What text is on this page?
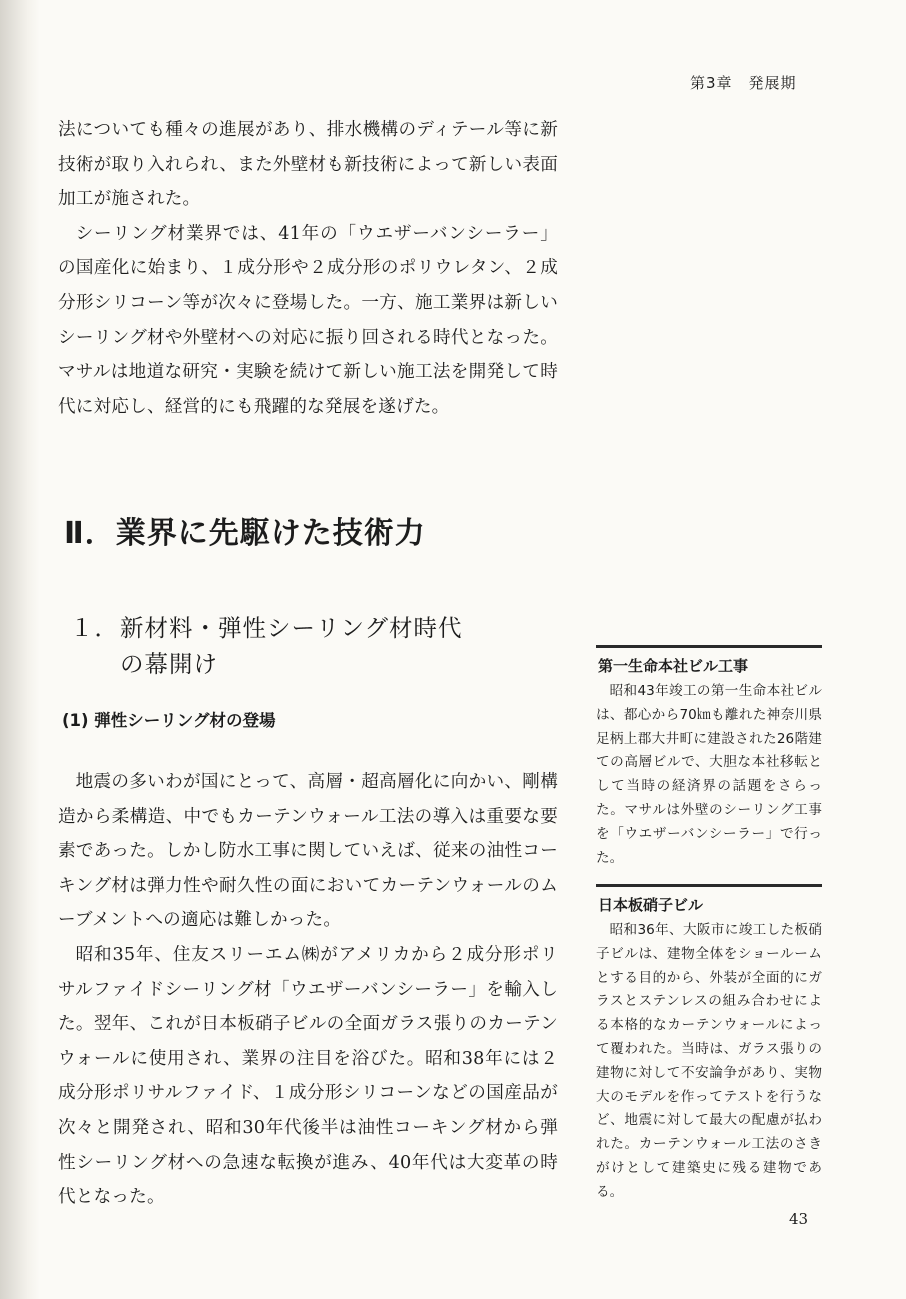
第3章　発展期

法についても種々の進展があり、排水機構のディテール等に新技術が取り入れられ、また外壁材も新技術によって新しい表面加工が施された。

シーリング材業界では、41年の「ウエザーバンシーラー」の国産化に始まり、１成分形や２成分形のポリウレタン、２成分形シリコーン等が次々に登場した。一方、施工業界は新しいシーリング材や外壁材への対応に振り回される時代となった。マサルは地道な研究・実験を続けて新しい施工法を開発して時代に対応し、経営的にも飛躍的な発展を遂げた。

Ⅱ．業界に先駆けた技術力
１．新材料・弾性シーリング材時代
の幕開け
(1) 弾性シーリング材の登場

地震の多いわが国にとって、高層・超高層化に向かい、剛構造から柔構造、中でもカーテンウォール工法の導入は重要な要素であった。しかし防水工事に関していえば、従来の油性コーキング材は弾力性や耐久性の面においてカーテンウォールのムーブメントへの適応は難しかった。

昭和35年、住友スリーエム㈱がアメリカから２成分形ポリサルファイドシーリング材「ウエザーバンシーラー」を輸入した。翌年、これが日本板硝子ビルの全面ガラス張りのカーテンウォールに使用され、業界の注目を浴びた。昭和38年には２成分形ポリサルファイド、１成分形シリコーンなどの国産品が次々と開発され、昭和30年代後半は油性コーキング材から弾性シーリング材への急速な転換が進み、40年代は大変革の時代となった。

第一生命本社ビル工事

昭和43年竣工の第一生命本社ビルは、都心から70㎞も離れた神奈川県足柄上郡大井町に建設された26階建ての高層ビルで、大胆な本社移転として当時の経済界の話題をさらった。マサルは外壁のシーリング工事を「ウエザーバンシーラー」で行った。

日本板硝子ビル

昭和36年、大阪市に竣工した板硝子ビルは、建物全体をショールームとする目的から、外装が全面的にガラスとステンレスの組み合わせによる本格的なカーテンウォールによって覆われた。当時は、ガラス張りの建物に対して不安論争があり、実物大のモデルを作ってテストを行うなど、地震に対して最大の配慮が払われた。カーテンウォール工法のさきがけとして建築史に残る建物である。

43
